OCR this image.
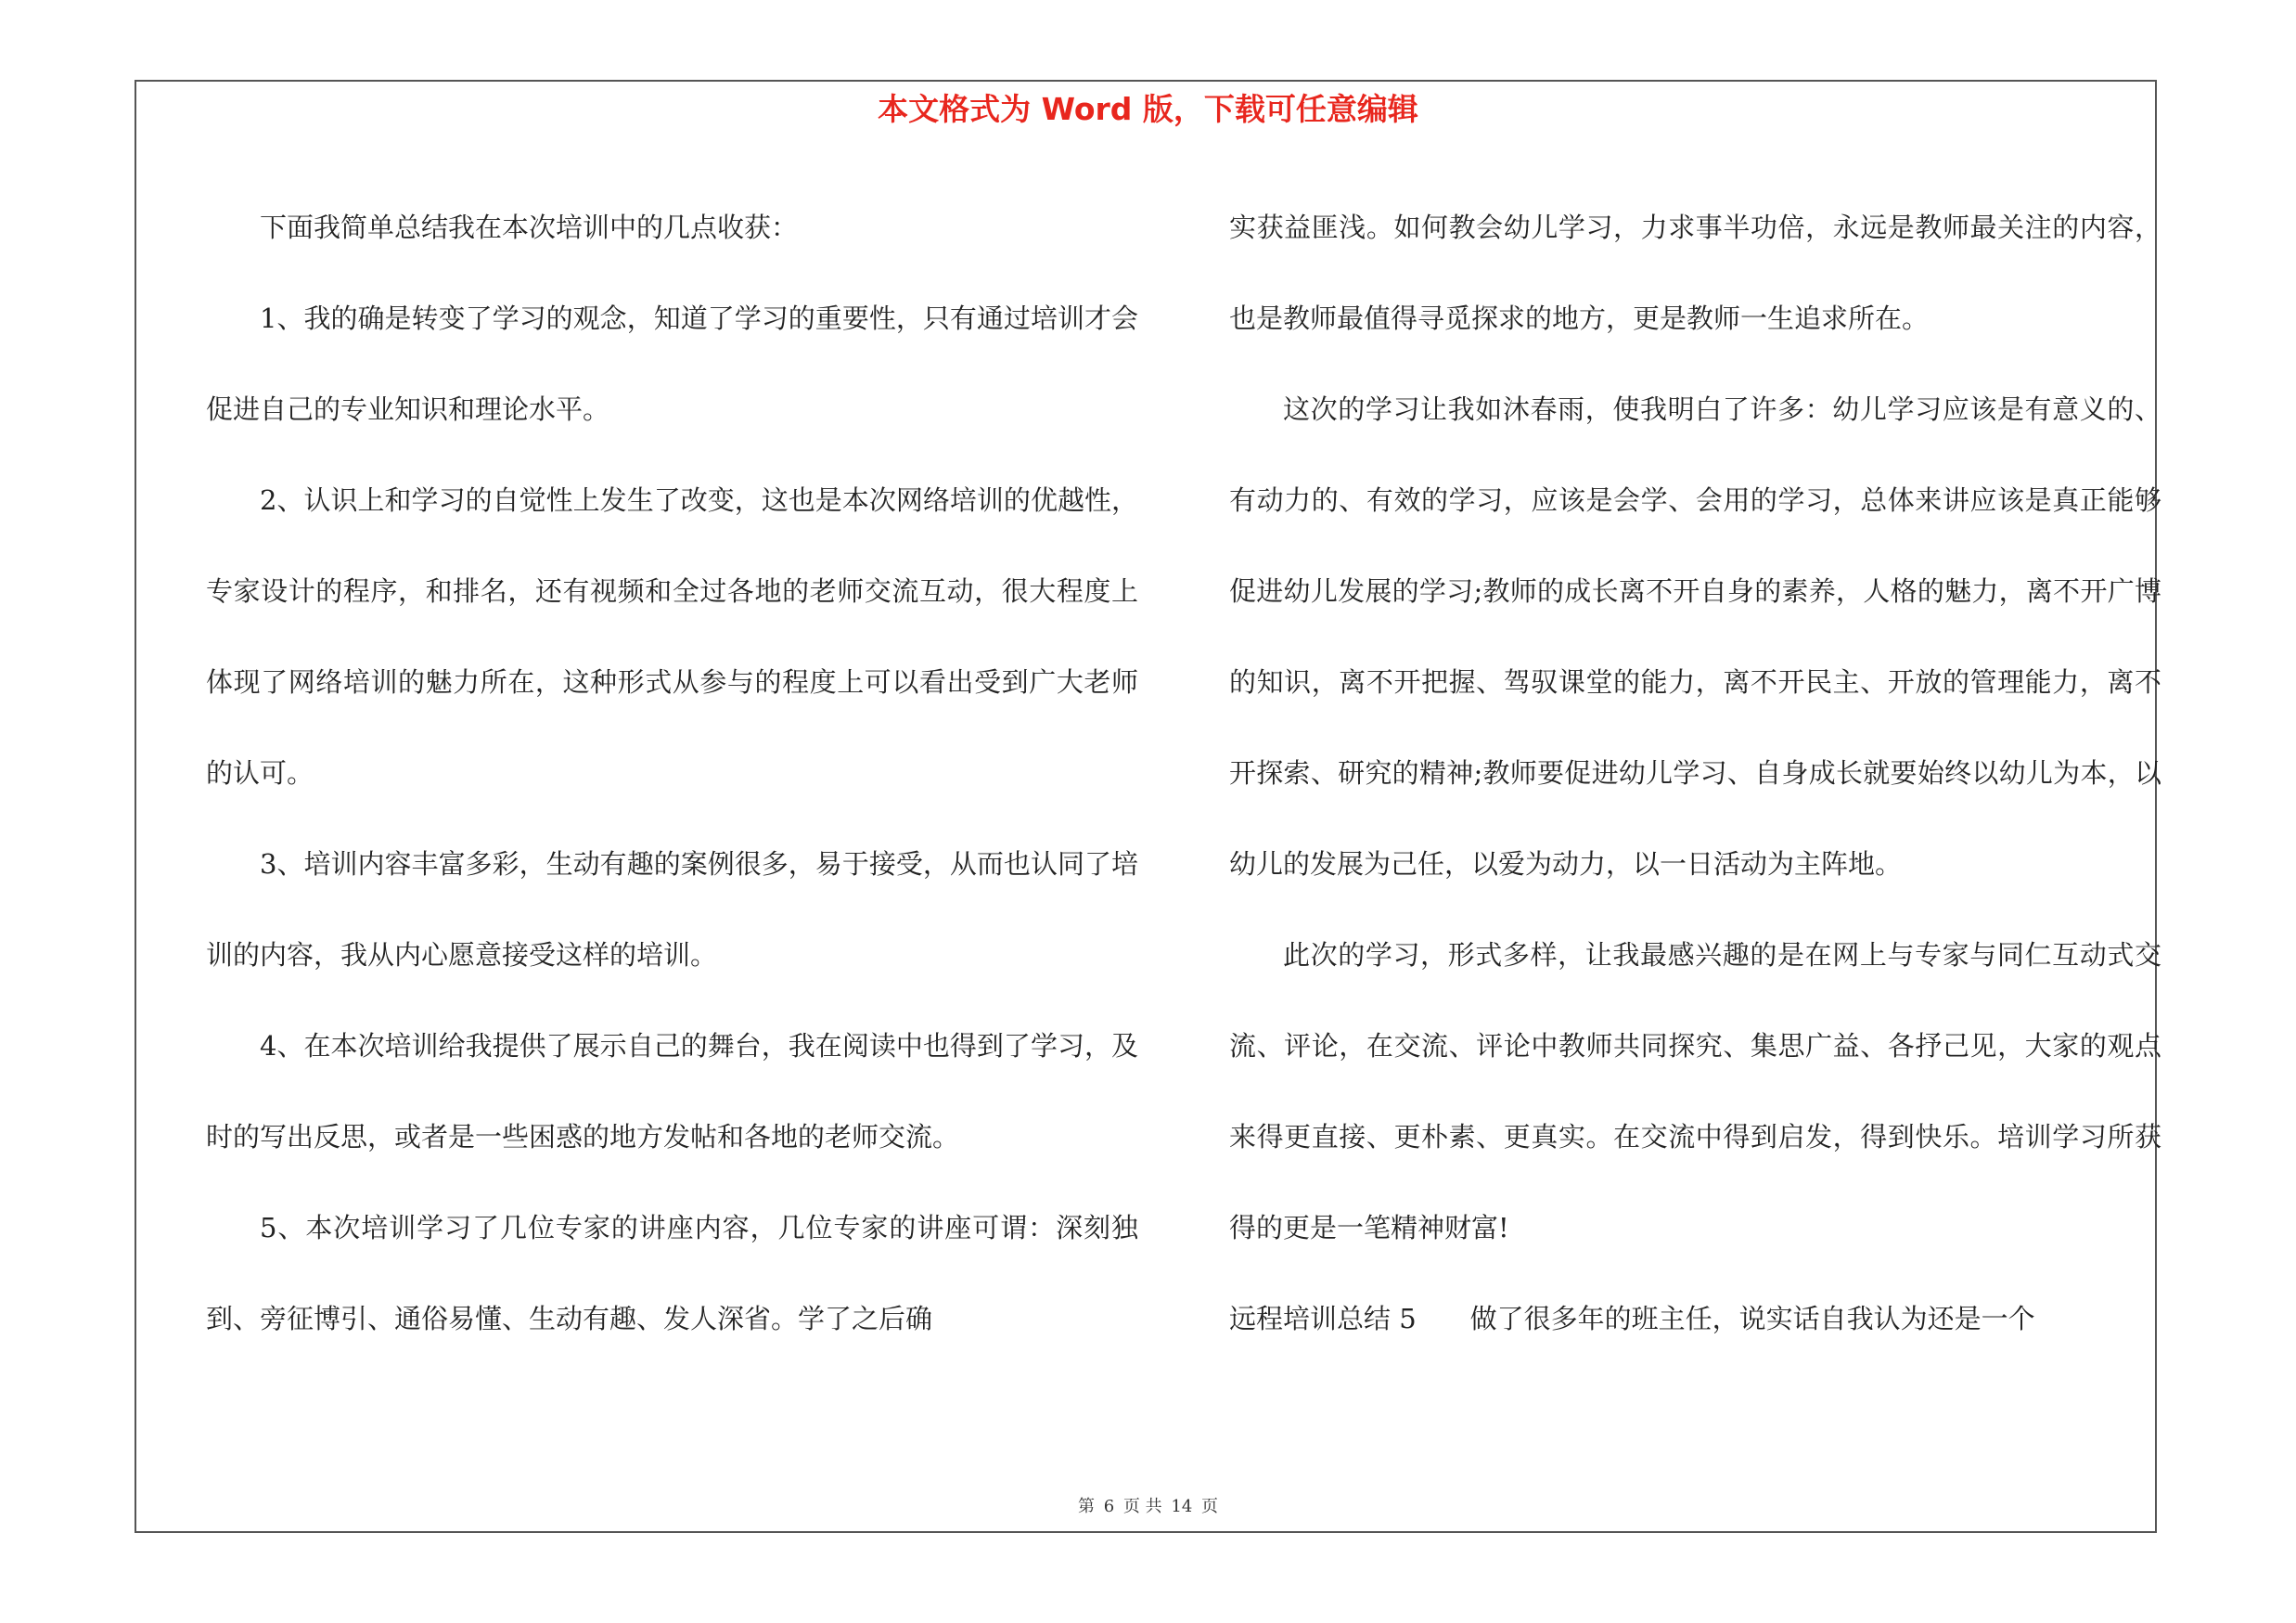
本文格式为 Word 版，下载可任意编辑

下面我简单总结我在本次培训中的几点收获：

1、我的确是转变了学习的观念，知道了学习的重要性，只有通过培训才会促进自己的专业知识和理论水平。

2、认识上和学习的自觉性上发生了改变，这也是本次网络培训的优越性，专家设计的程序，和排名，还有视频和全过各地的老师交流互动，很大程度上体现了网络培训的魅力所在，这种形式从参与的程度上可以看出受到广大老师的认可。

3、培训内容丰富多彩，生动有趣的案例很多，易于接受，从而也认同了培训的内容，我从内心愿意接受这样的培训。

4、在本次培训给我提供了展示自己的舞台，我在阅读中也得到了学习，及时的写出反思，或者是一些困惑的地方发帖和各地的老师交流。

5、本次培训学习了几位专家的讲座内容，几位专家的讲座可谓：深刻独到、旁征博引、通俗易懂、生动有趣、发人深省。学了之后确

实获益匪浅。如何教会幼儿学习，力求事半功倍，永远是教师最关注的内容，也是教师最值得寻觅探求的地方，更是教师一生追求所在。

这次的学习让我如沐春雨，使我明白了许多：幼儿学习应该是有意义的、有动力的、有效的学习，应该是会学、会用的学习，总体来讲应该是真正能够促进幼儿发展的学习;教师的成长离不开自身的素养，人格的魅力，离不开广博的知识，离不开把握、驾驭课堂的能力，离不开民主、开放的管理能力，离不开探索、研究的精神;教师要促进幼儿学习、自身成长就要始终以幼儿为本，以幼儿的发展为己任，以爱为动力，以一日活动为主阵地。

此次的学习，形式多样，让我最感兴趣的是在网上与专家与同仁互动式交流、评论，在交流、评论中教师共同探究、集思广益、各抒己见，大家的观点来得更直接、更朴素、更真实。在交流中得到启发，得到快乐。培训学习所获得的更是一笔精神财富!

远程培训总结 5　　做了很多年的班主任，说实话自我认为还是一个

第 6 页 共 14 页
